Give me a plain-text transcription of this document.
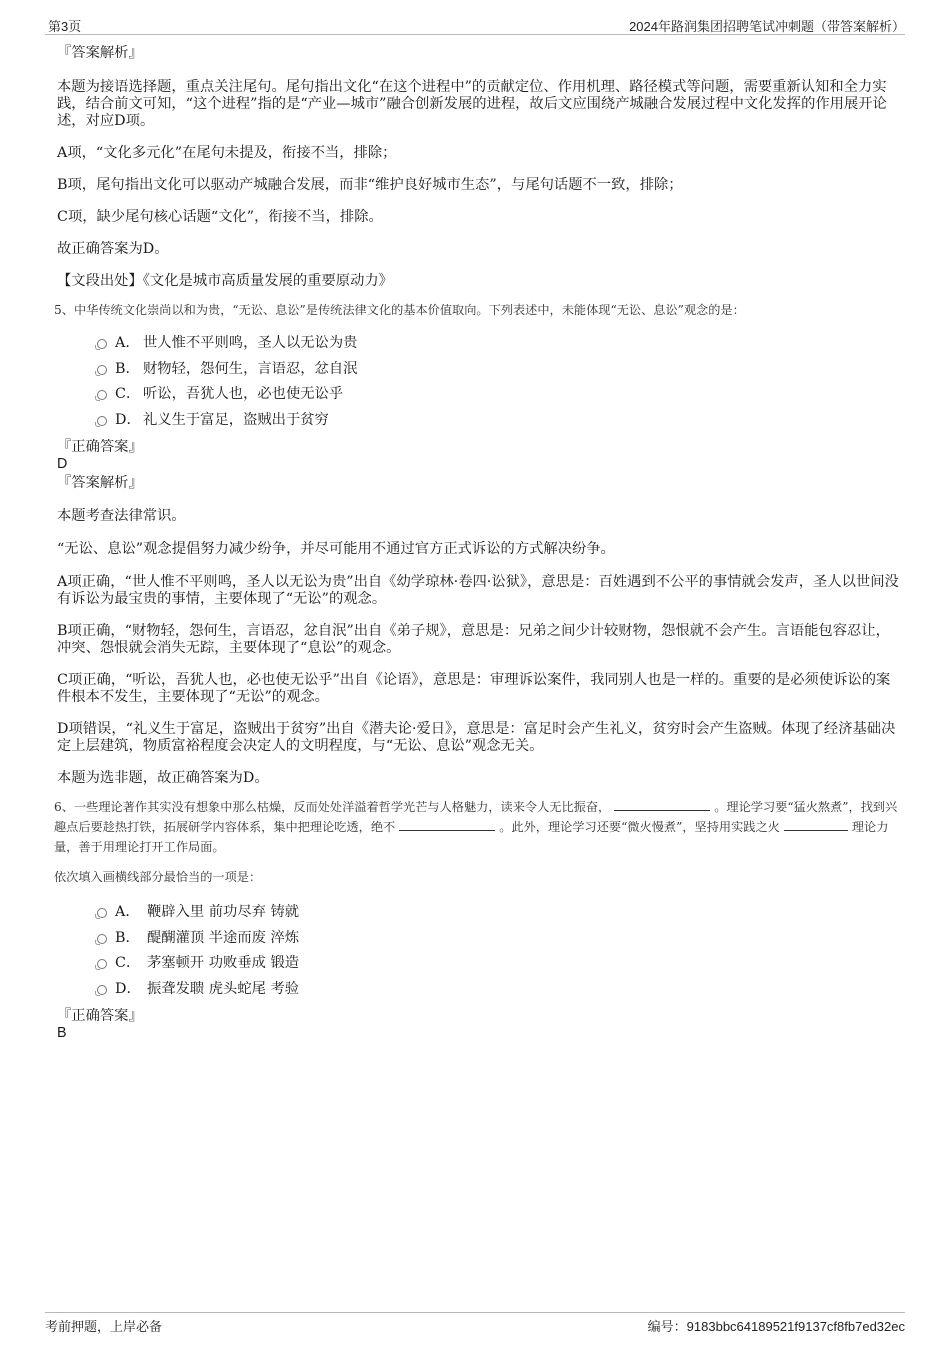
第3页	2024年路润集团招聘笔试冲刺题（带答案解析）

『答案解析』

本题为接语选择题，重点关注尾句。尾句指出文化“在这个进程中”的贡献定位、作用机理、路径模式等问题，需要重新认知和全力实践，结合前文可知，“这个进程”指的是“产业—城市”融合创新发展的进程，故后文应围绕产城融合发展过程中文化发挥的作用展开论述，对应D项。

A项，“文化多元化”在尾句未提及，衔接不当，排除；

B项，尾句指出文化可以驱动产城融合发展，而非“维护良好城市生态”，与尾句话题不一致，排除；

C项，缺少尾句核心话题“文化”，衔接不当，排除。

故正确答案为D。

【文段出处】《文化是城市高质量发展的重要原动力》

5、中华传统文化崇尚以和为贵，“无讼、息讼”是传统法律文化的基本价值取向。下列表述中，未能体现“无讼、息讼”观念的是：

A． 世人惟不平则鸣，圣人以无讼为贵
B． 财物轻，怨何生，言语忍，忿自泯
C． 听讼，吾犹人也，必也使无讼乎
D． 礼义生于富足，盗贼出于贫穷

『正确答案』

D

『答案解析』

本题考查法律常识。

“无讼、息讼”观念提倡努力减少纷争，并尽可能用不通过官方正式诉讼的方式解决纷争。

A项正确，“世人惟不平则鸣，圣人以无讼为贵”出自《幼学琼林·卷四·讼狱》，意思是：百姓遇到不公平的事情就会发声，圣人以世间没有诉讼为最宝贵的事情，主要体现了“无讼”的观念。

B项正确，“财物轻，怨何生，言语忍，忿自泯”出自《弟子规》，意思是：兄弟之间少计较财物，怨恨就不会产生。言语能包容忍让，冲突、怨恨就会消失无踪，主要体现了“息讼”的观念。

C项正确，“听讼，吾犹人也，必也使无讼乎”出自《论语》，意思是：审理诉讼案件，我同别人也是一样的。重要的是必须使诉讼的案件根本不发生，主要体现了“无讼”的观念。

D项错误，“礼义生于富足，盗贼出于贫穷”出自《潜夫论·爱日》，意思是：富足时会产生礼义，贫穷时会产生盗贼。体现了经济基础决定上层建筑，物质富裕程度会决定人的文明程度，与“无讼、息讼”观念无关。

本题为选非题，故正确答案为D。

6、一些理论著作其实没有想象中那么枯燥，反而处处洋溢着哲学光芒与人格魅力，读来令人无比振奋，	。理论学习要“猛火熬煮”，找到兴趣点后要趁热打铁，拓展研学内容体系，集中把理论吃透，绝不	。此外，理论学习还要“微火慢煮”，坚持用实践之火	理论力量，善于用理论打开工作局面。

依次填入画横线部分最恰当的一项是：

A． 鞭辟入里 前功尽弃 铸就
B． 醍醐灌顶 半途而废 淬炼
C． 茅塞顿开 功败垂成 锻造
D． 振聋发聩 虎头蛇尾 考验

『正确答案』

B

考前押题，上岸必备	编号：9183bbc64189521f9137cf8fb7ed32ec
